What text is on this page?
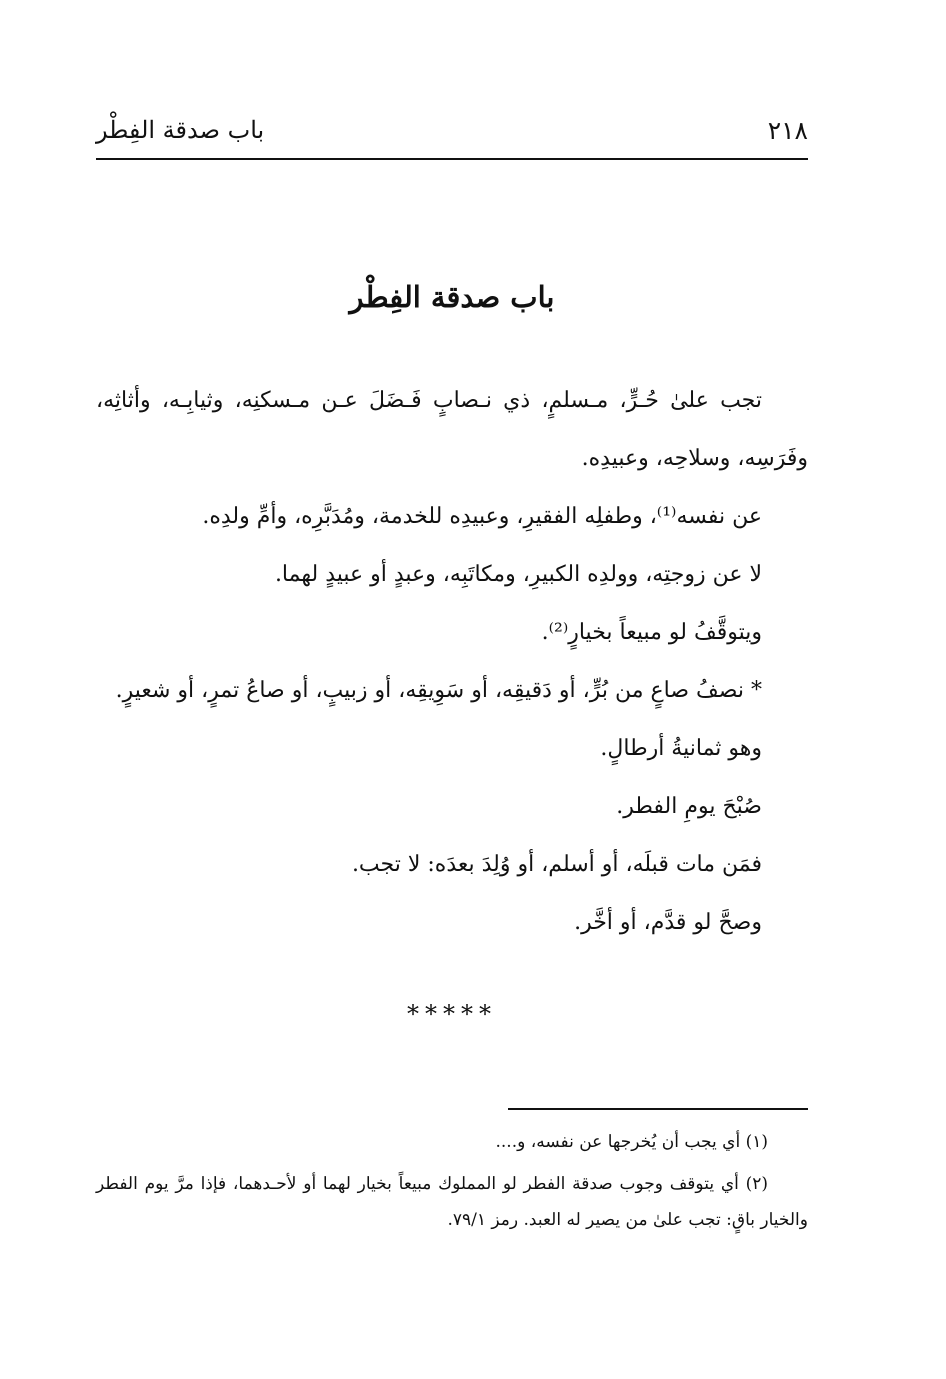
٢١٨
باب صدقة الفِطْر
باب صدقة الفِطْر

تجب علىٰ حُـرٍّ، مـسلمٍ، ذي نـصابٍ فَـضَلَ عـن مـسكنِه، وثيابِـه، وأثاثِه، وفَرَسِه، وسلاحِه، وعبيدِه.

عن نفسه⁽¹⁾، وطفلِه الفقيرِ، وعبيدِه للخدمة، ومُدَبَّرِه، وأمِّ ولدِه.

لا عن زوجتِه، وولدِه الكبيرِ، ومكاتَبِه، وعبدٍ أو عبيدٍ لهما.

ويتوقَّفُ لو مبيعاً بخيارٍ⁽²⁾.

* نصفُ صاعٍ من بُرٍّ، أو دَقيقِه، أو سَوِيقِه، أو زبيبٍ، أو صاعُ تمرٍ، أو شعيرٍ.

وهو ثمانيةُ أرطالٍ.

صُبْحَ يومِ الفطر.

فمَن مات قبلَه، أو أسلم، أو وُلِدَ بعدَه: لا تجب.

وصحَّ لو قدَّم، أو أخَّر.

*****

(١) أي يجب أن يُخرجها عن نفسه، و....

(٢) أي يتوقف وجوب صدقة الفطر لو المملوك مبيعاً بخيار لهما أو لأحـدهما، فإذا مرَّ يوم الفطر والخيار باقٍ: تجب علىٰ من يصير له العبد. رمز ٧٩/١.
